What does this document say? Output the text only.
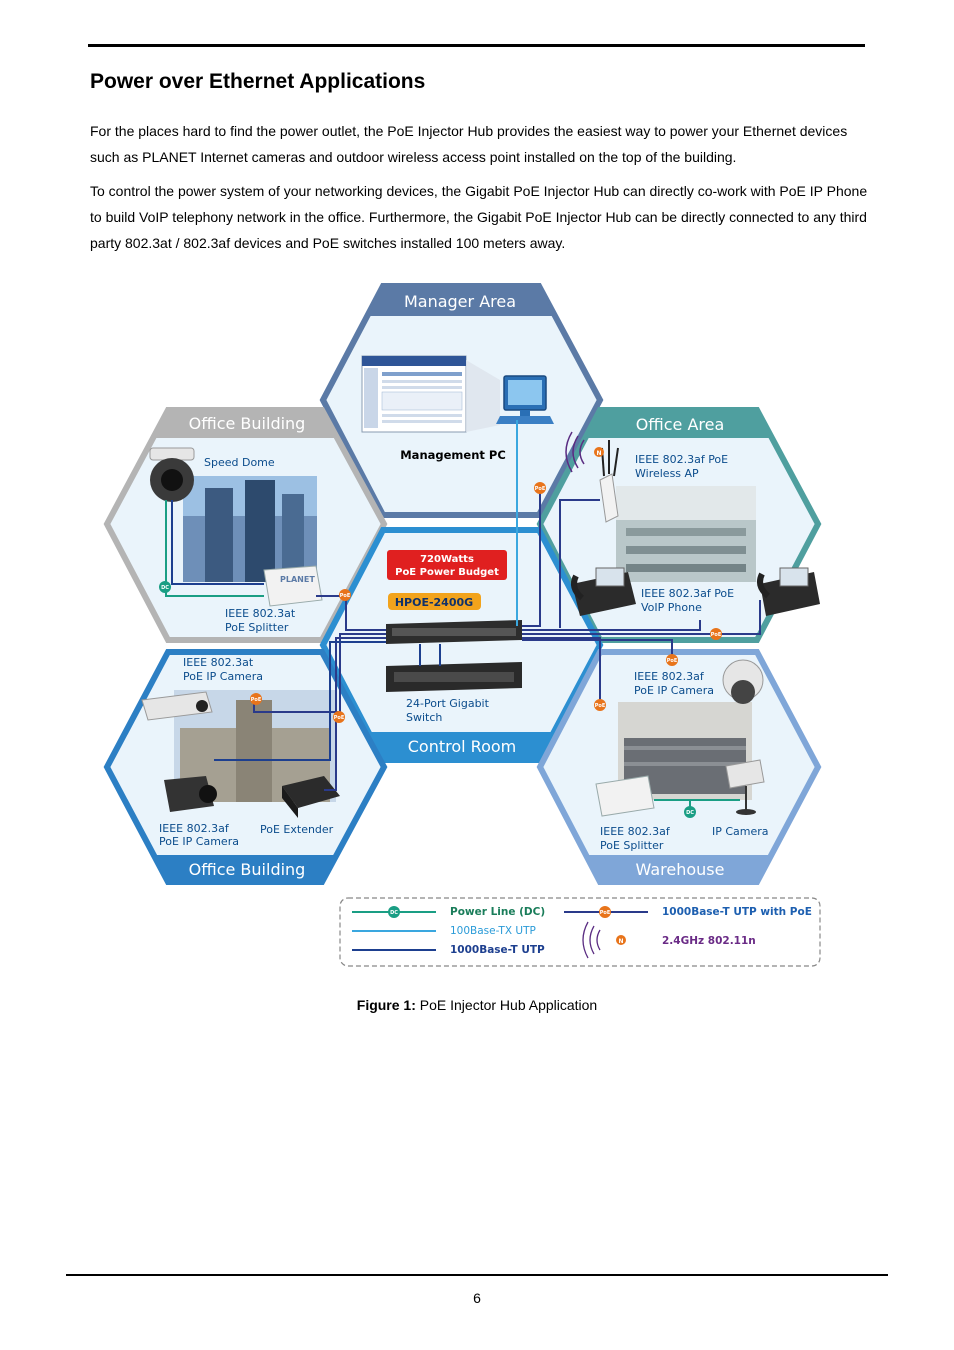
Power over Ethernet Applications

For the places hard to find the power outlet, the PoE Injector Hub provides the easiest way to power your Ethernet devices such as PLANET Internet cameras and outdoor wireless access point installed on the top of the building.

To control the power system of your networking devices, the Gigabit PoE Injector Hub can directly co-work with PoE IP Phone to build VoIP telephony network in the office. Furthermore, the Gigabit PoE Injector Hub can be directly connected to any third party 802.3at / 802.3af devices and PoE switches installed 100 meters away.

Manager Area
Office Building	Office Area
Control Room
Office Building	Warehouse
Management PC
Speed Dome
PLANET
IEEE 802.3at
PoE Splitter
N	IEEE 802.3af PoE
Wireless AP
IEEE 802.3af PoE
VoIP Phone
720Watts
PoE Power Budget
HPOE-2400G
24-Port Gigabit
Switch
IEEE 802.3at
PoE IP Camera
IEEE 802.3af
PoE IP Camera
PoE Extender
IEEE 802.3af
PoE IP Camera
IEEE 802.3af
PoE Splitter
IP Camera
PoE
PoE
PoE
PoE
PoE
PoE
PoE
DC
DC
DC	Power Line (DC)
100Base-TX UTP
1000Base-T UTP
PoE	1000Base-T UTP with PoE
N	2.4GHz 802.11n
Figure 1: PoE Injector Hub Application
6
